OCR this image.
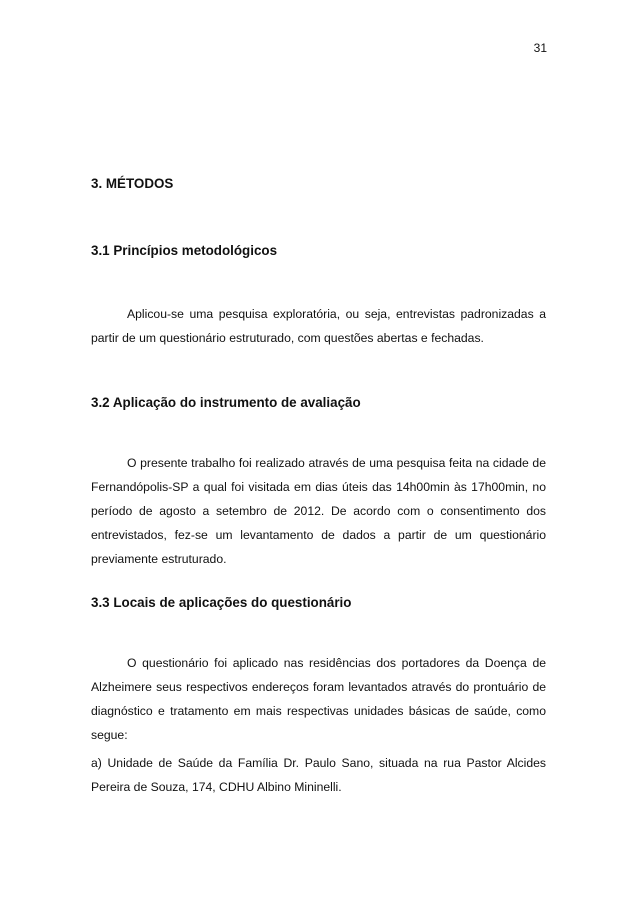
31
3. MÉTODOS
3.1 Princípios metodológicos

Aplicou-se uma pesquisa exploratória, ou seja, entrevistas padronizadas a partir de um questionário estruturado, com questões abertas e fechadas.

3.2 Aplicação do instrumento de avaliação

O presente trabalho foi realizado através de uma pesquisa feita na cidade de Fernandópolis-SP a qual foi visitada em dias úteis das 14h00min às 17h00min, no período de agosto a setembro de 2012. De acordo com o consentimento dos entrevistados, fez-se um levantamento de dados a partir de um questionário previamente estruturado.

3.3 Locais de aplicações do questionário

O questionário foi aplicado nas residências dos portadores da Doença de Alzheimere seus respectivos endereços foram levantados através do prontuário de diagnóstico e tratamento em mais respectivas unidades básicas de saúde, como segue:

a) Unidade de Saúde da Família Dr. Paulo Sano, situada na rua Pastor Alcides Pereira de Souza, 174, CDHU Albino Mininelli.
